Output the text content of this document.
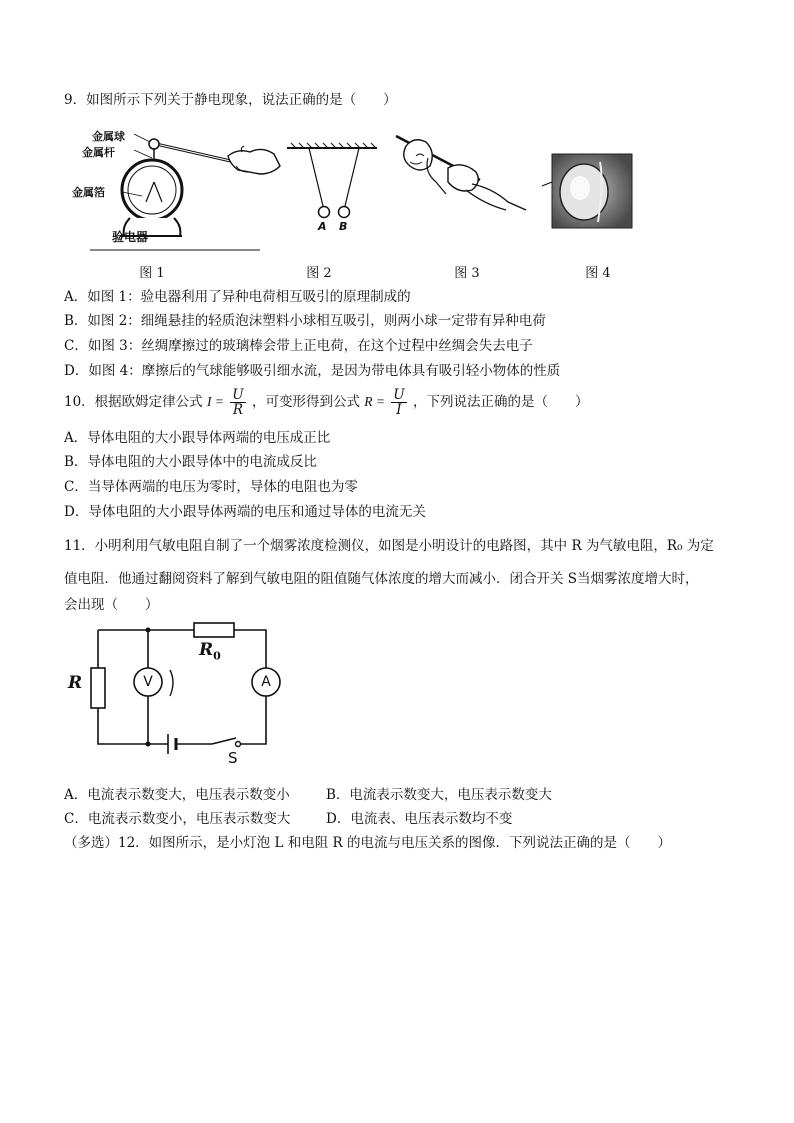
9．如图所示下列关于静电现象，说法正确的是（　　）
金属球
金属杆
金属箔
验电器
A B
图 1	图 2	图 3	图 4
A．如图 1：验电器利用了异种电荷相互吸引的原理制成的
B．如图 2：细绳悬挂的轻质泡沫塑料小球相互吸引，则两小球一定带有异种电荷
C．如图 3：丝绸摩擦过的玻璃棒会带上正电荷，在这个过程中丝绸会失去电子
D．如图 4：摩擦后的气球能够吸引细水流，是因为带电体具有吸引轻小物体的性质
10．根据欧姆定律公式 $I = \frac{U}{R}$ ，可变形得到公式 $R = \frac{U}{I}$ ，下列说法正确的是（　　）
A．导体电阻的大小跟导体两端的电压成正比
B．导体电阻的大小跟导体中的电流成反比
C．当导体两端的电压为零时，导体的电阻也为零
D．导体电阻的大小跟导体两端的电压和通过导体的电流无关
11．小明利用气敏电阻自制了一个烟雾浓度检测仪，如图是小明设计的电路图，其中 R 为气敏电阻，R₀ 为定
值电阻．他通过翻阅资料了解到气敏电阻的阻值随气体浓度的增大而减小．闭合开关 S当烟雾浓度增大时，
会出现（　　）
R
$R_0$
V	A
S
A．电流表示数变大，电压表示数变小	B．电流表示数变大，电压表示数变大
C．电流表示数变小，电压表示数变大	D．电流表、电压表示数均不变
（多选）12．如图所示，是小灯泡 L 和电阻 R 的电流与电压关系的图像．下列说法正确的是（　　）
